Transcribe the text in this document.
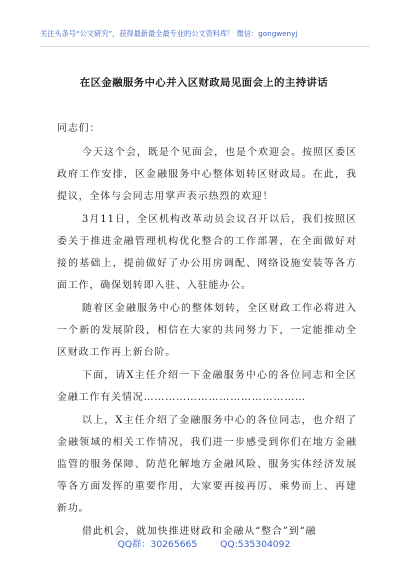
关注头条号“公文研究”，获得最新最全最专业的公文资料库！ 微信：gongwenyj
在区金融服务中心并入区财政局见面会上的主持讲话

同志们：

今天这个会，既是个见面会，也是个欢迎会。按照区委区政府工作安排，区金融服务中心整体划转区财政局。在此，我提议，全体与会同志用掌声表示热烈的欢迎！

3月11日，全区机构改革动员会议召开以后，我们按照区委关于推进金融管理机构优化整合的工作部署，在全面做好对接的基础上，提前做好了办公用房调配、网络设施安装等各方面工作，确保划转即入驻、入驻能办公。

随着区金融服务中心的整体划转，全区财政工作必将进入一个新的发展阶段，相信在大家的共同努力下，一定能推动全区财政工作再上新台阶。

下面，请X主任介绍一下金融服务中心的各位同志和全区金融工作有关情况………………………………………

以上，X主任介绍了金融服务中心的各位同志，也介绍了金融领域的相关工作情况，我们进一步感受到你们在地方金融监管的服务保障、防范化解地方金融风险、服务实体经济发展等各方面发挥的重要作用，大家要再接再厉、乘势而上、再建新功。

借此机会，就加快推进财政和金融从“整合”到“融

QQ群：30265665 QQ:535304092
